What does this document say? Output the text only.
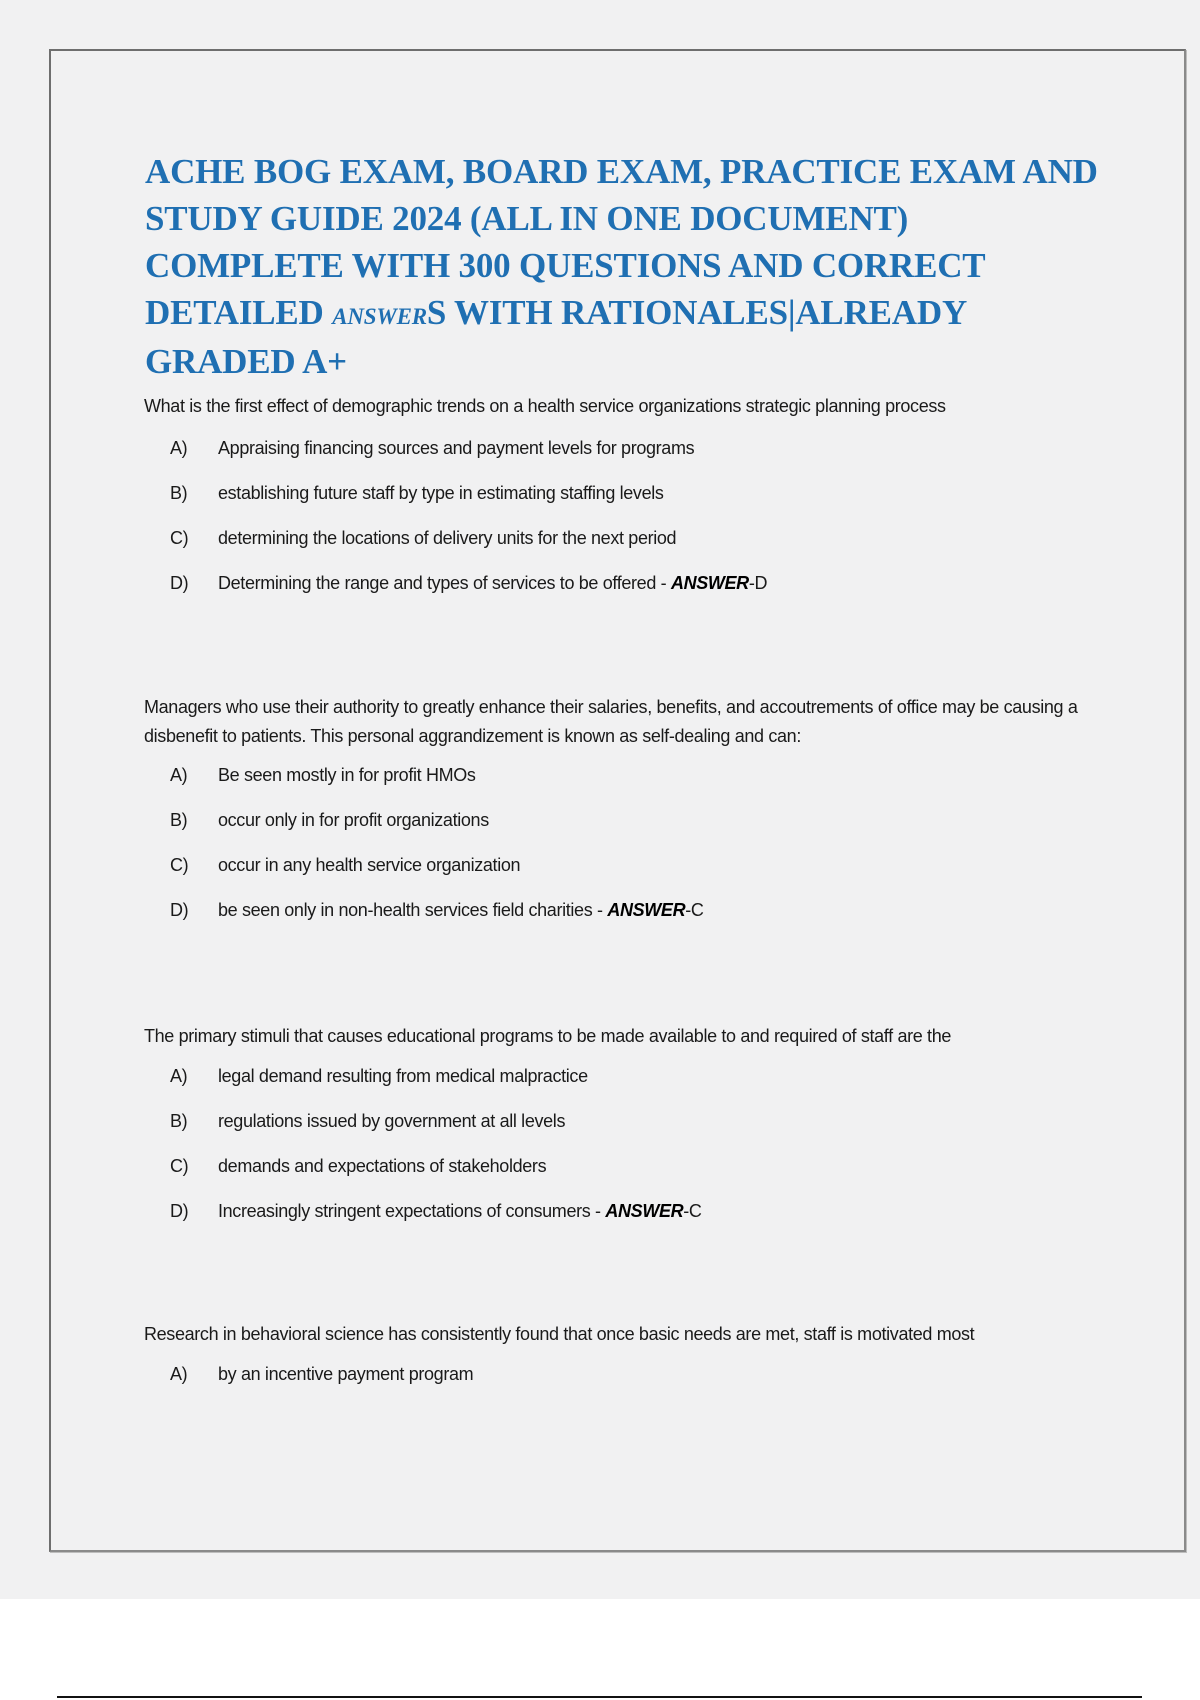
ACHE BOG EXAM, BOARD EXAM, PRACTICE EXAM AND STUDY GUIDE 2024 (ALL IN ONE DOCUMENT) COMPLETE WITH 300 QUESTIONS AND CORRECT DETAILED answerS WITH RATIONALES|ALREADY GRADED A+

What is the first effect of demographic trends on a health service organizations strategic planning process

A) Appraising financing sources and payment levels for programs
B) establishing future staff by type in estimating staffing levels
C) determining the locations of delivery units for the next period
D) Determining the range and types of services to be offered - ANSWER-D

Managers who use their authority to greatly enhance their salaries, benefits, and accoutrements of office may be causing a disbenefit to patients. This personal aggrandizement is known as self-dealing and can:

A) Be seen mostly in for profit HMOs
B) occur only in for profit organizations
C) occur in any health service organization
D) be seen only in non-health services field charities - ANSWER-C

The primary stimuli that causes educational programs to be made available to and required of staff are the

A) legal demand resulting from medical malpractice
B) regulations issued by government at all levels
C) demands and expectations of stakeholders
D) Increasingly stringent expectations of consumers - ANSWER-C

Research in behavioral science has consistently found that once basic needs are met, staff is motivated most

A) by an incentive payment program
